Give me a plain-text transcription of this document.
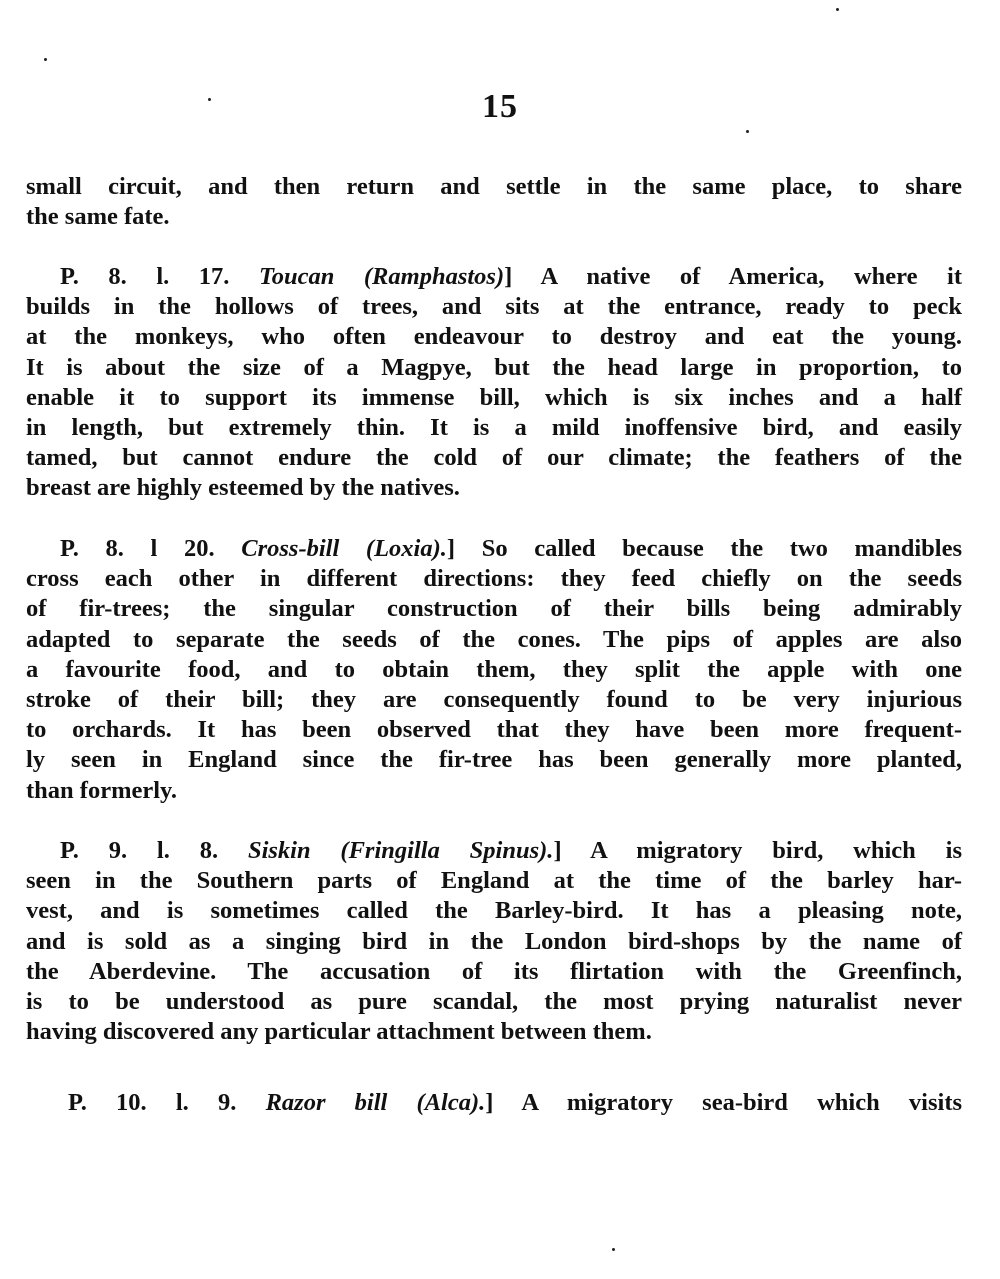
15
small circuit, and then return and settle in the same place, to share
the same fate.
P. 8. l. 17. Toucan (Ramphastos)] A native of America, where it
builds in the hollows of trees, and sits at the entrance, ready to peck
at the monkeys, who often endeavour to destroy and eat the young.
It is about the size of a Magpye, but the head large in proportion, to
enable it to support its immense bill, which is six inches and a half
in length, but extremely thin. It is a mild inoffensive bird, and easily
tamed, but cannot endure the cold of our climate; the feathers of the
breast are highly esteemed by the natives.
P. 8. l 20. Cross-bill (Loxia).] So called because the two mandibles
cross each other in different directions: they feed chiefly on the seeds
of fir-trees; the singular construction of their bills being admirably
adapted to separate the seeds of the cones. The pips of apples are also
a favourite food, and to obtain them, they split the apple with one
stroke of their bill; they are consequently found to be very injurious
to orchards. It has been observed that they have been more frequent-
ly seen in England since the fir-tree has been generally more planted,
than formerly.
P. 9. l. 8. Siskin (Fringilla Spinus).] A migratory bird, which is
seen in the Southern parts of England at the time of the barley har-
vest, and is sometimes called the Barley-bird. It has a pleasing note,
and is sold as a singing bird in the London bird-shops by the name of
the Aberdevine. The accusation of its flirtation with the Greenfinch,
is to be understood as pure scandal, the most prying naturalist never
having discovered any particular attachment between them.
P. 10. l. 9. Razor bill (Alca).] A migratory sea-bird which visits
